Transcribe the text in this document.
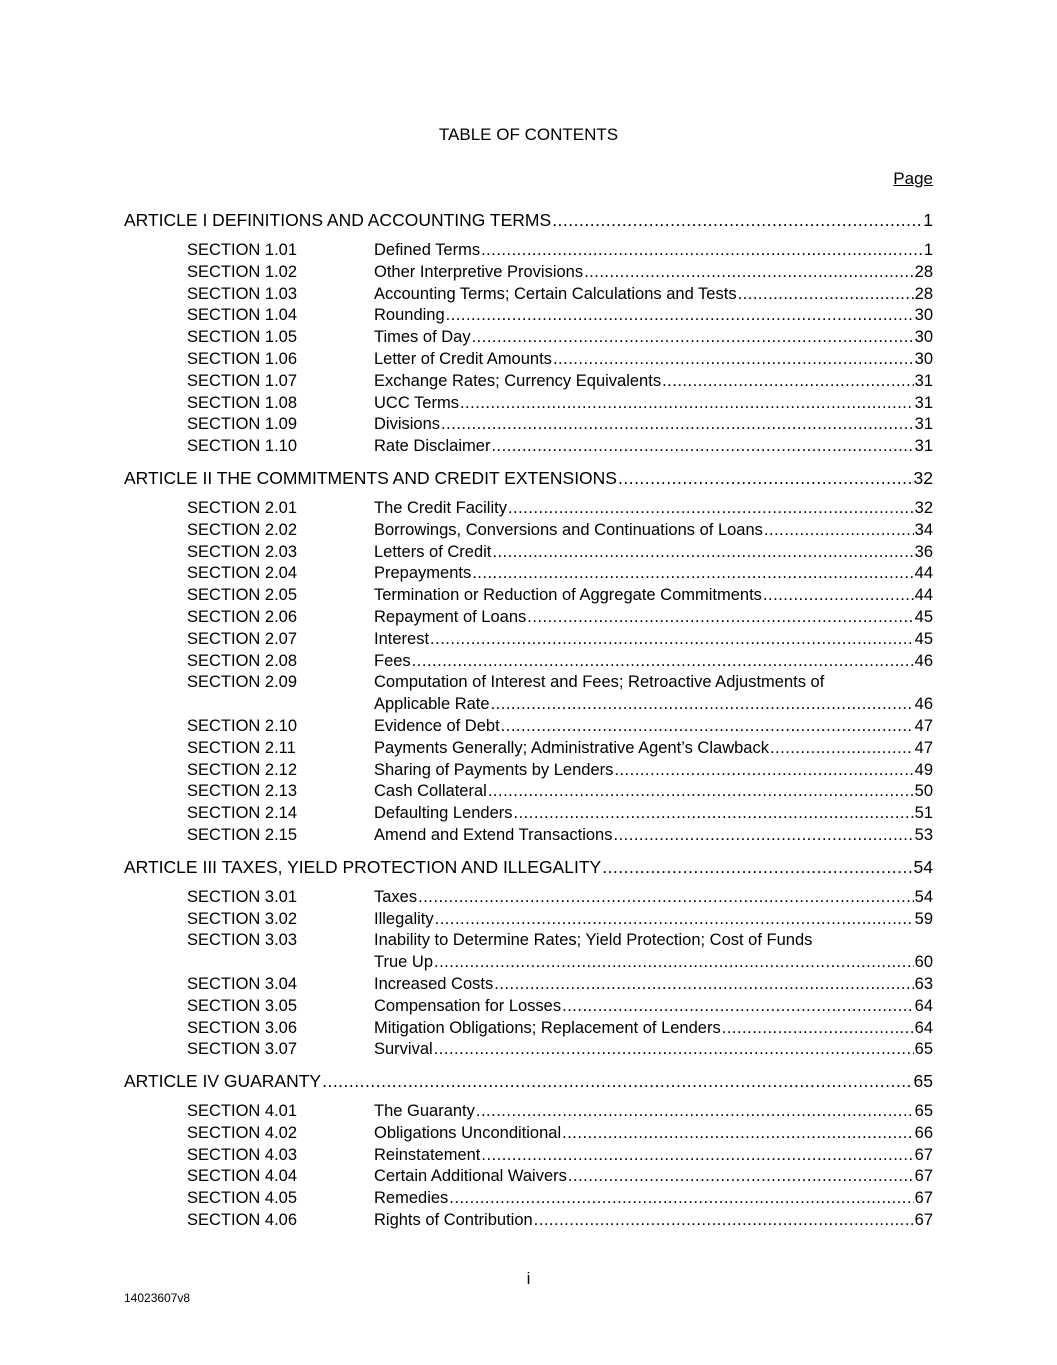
TABLE OF CONTENTS
Page
ARTICLE I DEFINITIONS AND ACCOUNTING TERMS .....	1
SECTION 1.01	Defined Terms .....	1
SECTION 1.02	Other Interpretive Provisions .....	28
SECTION 1.03	Accounting Terms; Certain Calculations and Tests .....	28
SECTION 1.04	Rounding .....	30
SECTION 1.05	Times of Day .....	30
SECTION 1.06	Letter of Credit Amounts .....	30
SECTION 1.07	Exchange Rates; Currency Equivalents .....	31
SECTION 1.08	UCC Terms .....	31
SECTION 1.09	Divisions .....	31
SECTION 1.10	Rate Disclaimer .....	31
ARTICLE II THE COMMITMENTS AND CREDIT EXTENSIONS .....	32
SECTION 2.01	The Credit Facility .....	32
SECTION 2.02	Borrowings, Conversions and Continuations of Loans .....	34
SECTION 2.03	Letters of Credit .....	36
SECTION 2.04	Prepayments .....	44
SECTION 2.05	Termination or Reduction of Aggregate Commitments .....	44
SECTION 2.06	Repayment of Loans .....	45
SECTION 2.07	Interest .....	45
SECTION 2.08	Fees .....	46
SECTION 2.09	Computation of Interest and Fees; Retroactive Adjustments of
Applicable Rate .....	46
SECTION 2.10	Evidence of Debt .....	47
SECTION 2.11	Payments Generally; Administrative Agent’s Clawback .....	47
SECTION 2.12	Sharing of Payments by Lenders .....	49
SECTION 2.13	Cash Collateral .....	50
SECTION 2.14	Defaulting Lenders .....	51
SECTION 2.15	Amend and Extend Transactions .....	53
ARTICLE III TAXES, YIELD PROTECTION AND ILLEGALITY .....	54
SECTION 3.01	Taxes .....	54
SECTION 3.02	Illegality .....	59
SECTION 3.03	Inability to Determine Rates; Yield Protection; Cost of Funds
True Up .....	60
SECTION 3.04	Increased Costs .....	63
SECTION 3.05	Compensation for Losses .....	64
SECTION 3.06	Mitigation Obligations; Replacement of Lenders .....	64
SECTION 3.07	Survival .....	65
ARTICLE IV GUARANTY .....	65
SECTION 4.01	The Guaranty .....	65
SECTION 4.02	Obligations Unconditional .....	66
SECTION 4.03	Reinstatement .....	67
SECTION 4.04	Certain Additional Waivers .....	67
SECTION 4.05	Remedies .....	67
SECTION 4.06	Rights of Contribution .....	67
i
14023607v8
